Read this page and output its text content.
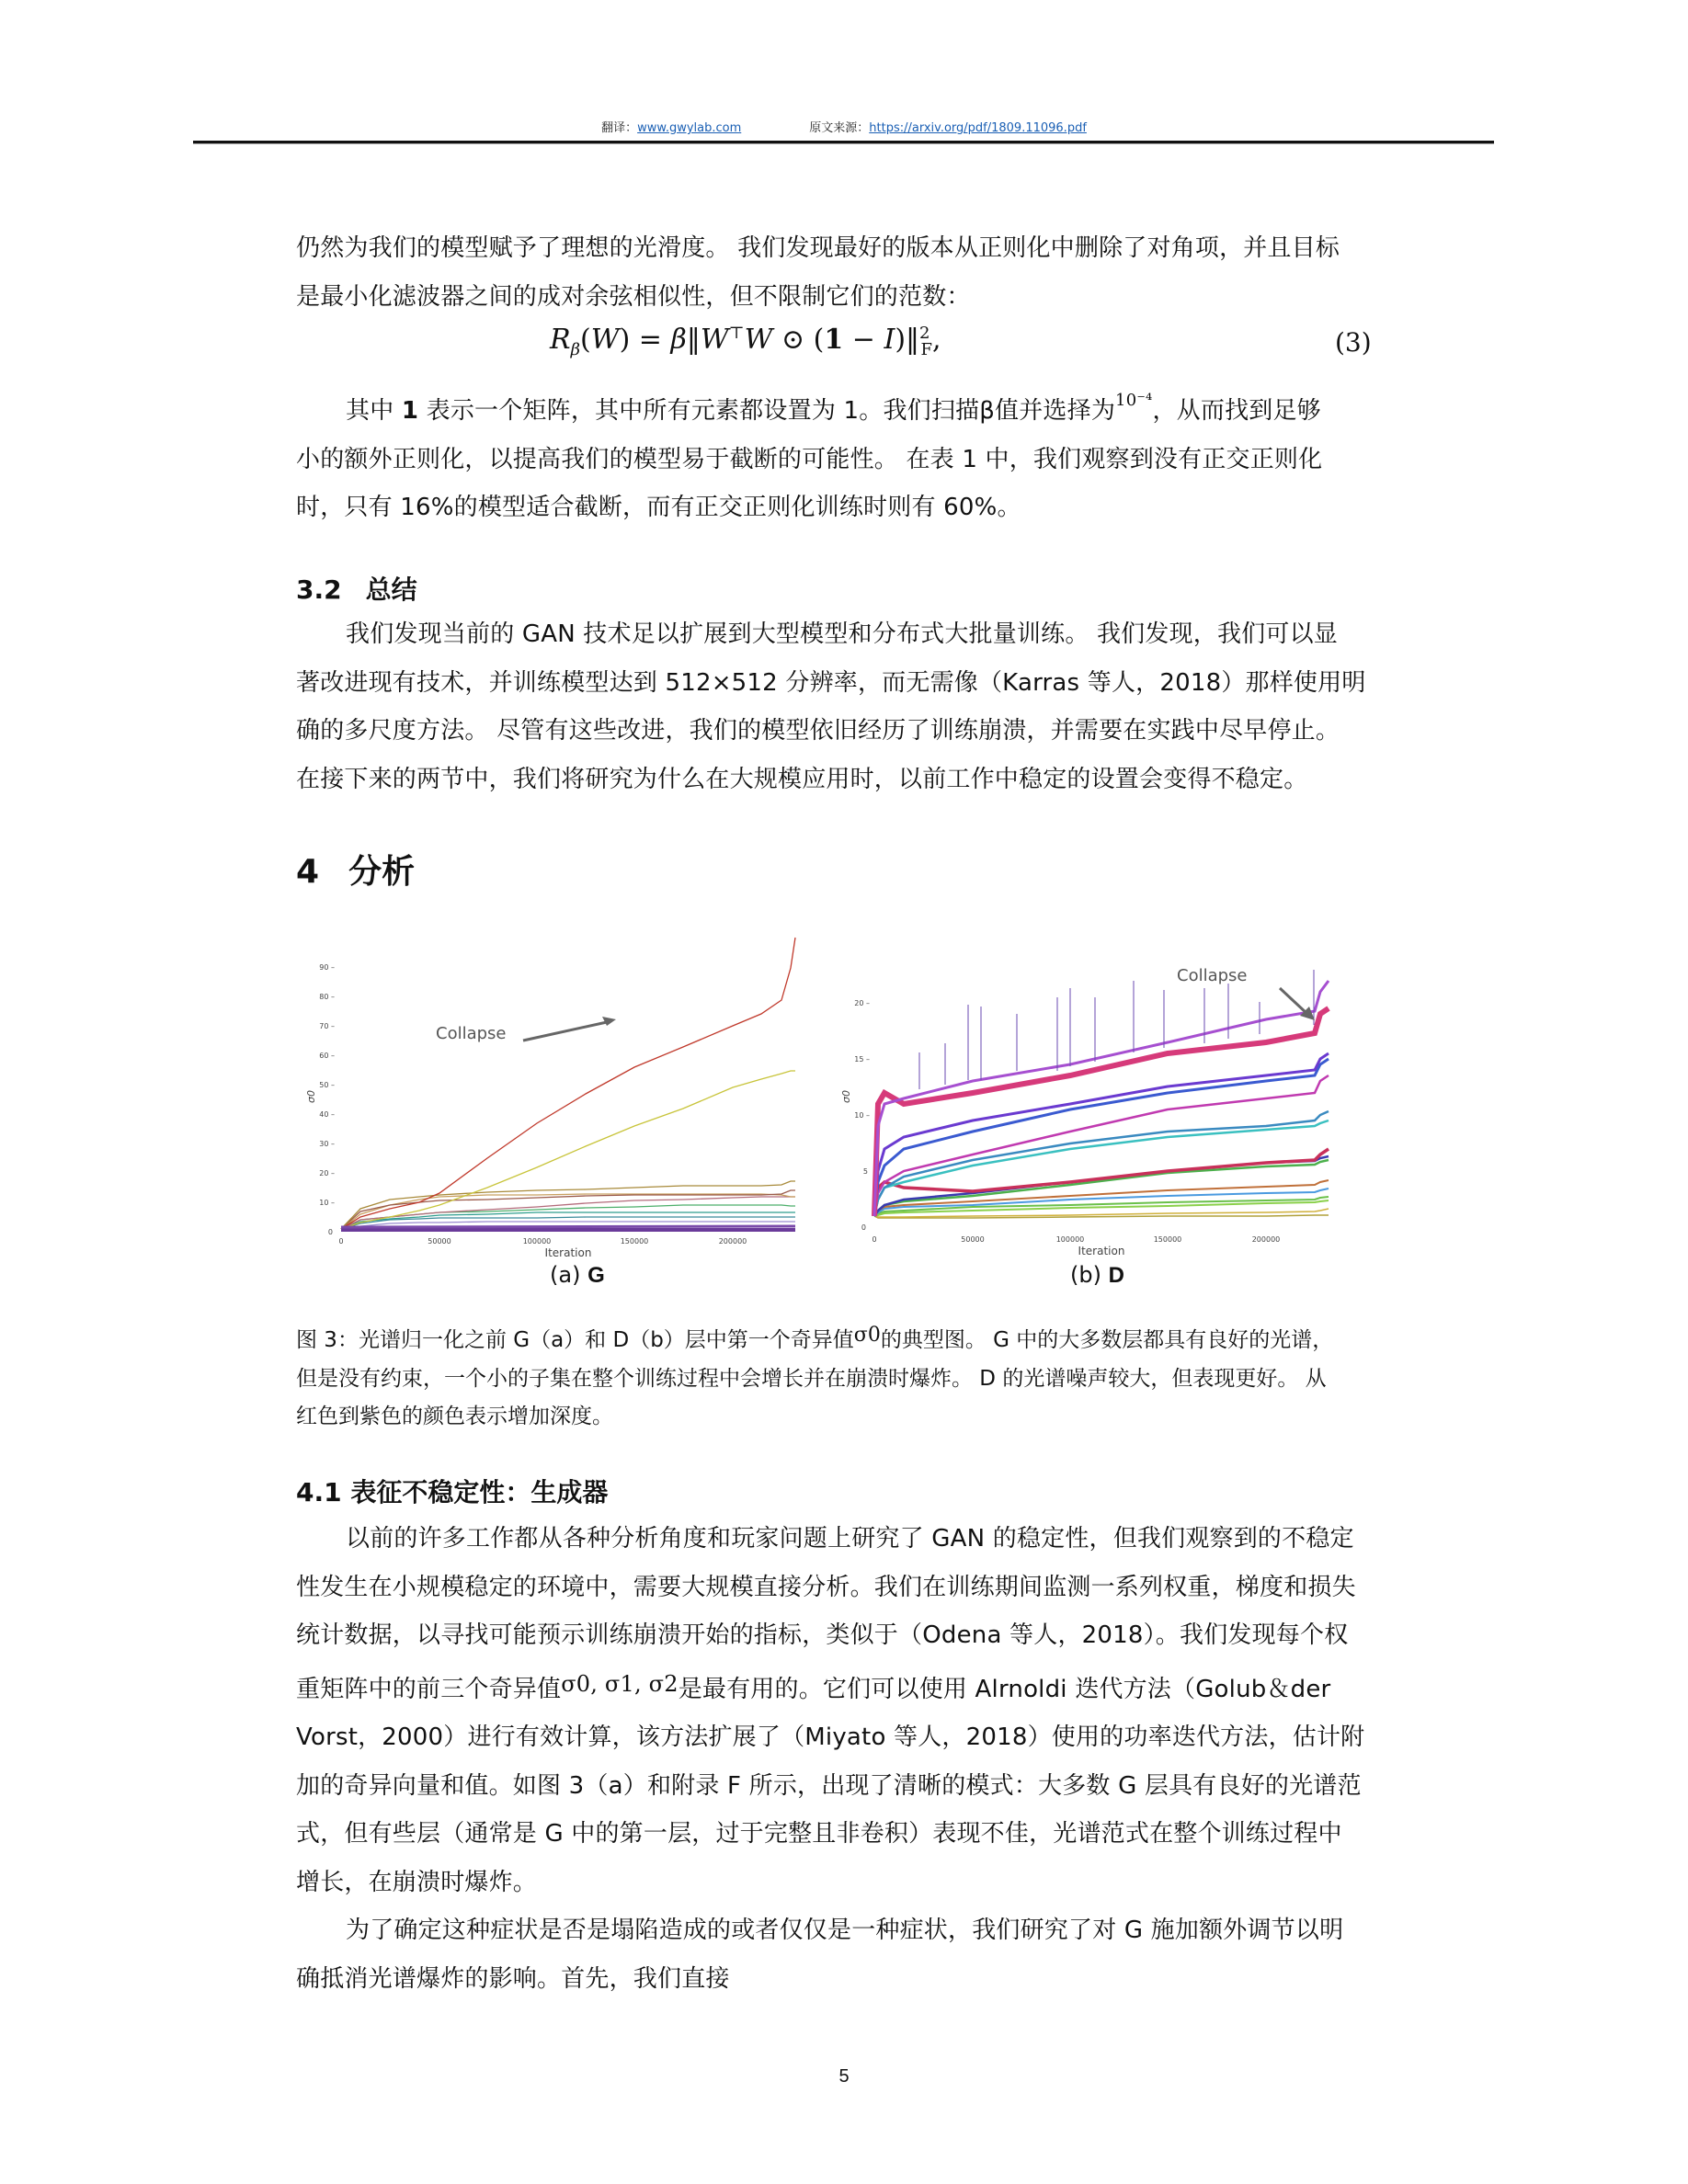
翻译：www.gwylab.com	原文来源：https://arxiv.org/pdf/1809.11096.pdf

仍然为我们的模型赋予了理想的光滑度。 我们发现最好的版本从正则化中删除了对角项，并且目标

是最小化滤波器之间的成对余弦相似性，但不限制它们的范数：

$R_\beta(W)$ = β‖W⊤W ⊙ (1 − I)‖$^2_F$,	(3)

其中 1 表示一个矩阵，其中所有元素都设置为 1。我们扫描β值并选择为$^{10^{-4}}$，从而找到足够

小的额外正则化，以提高我们的模型易于截断的可能性。 在表 1 中，我们观察到没有正交正则化

时，只有 16%的模型适合截断，而有正交正则化训练时则有 60%。

3.2 总结

我们发现当前的 GAN 技术足以扩展到大型模型和分布式大批量训练。 我们发现，我们可以显

著改进现有技术，并训练模型达到 512×512 分辨率，而无需像（Karras 等人，2018）那样使用明

确的多尺度方法。 尽管有这些改进，我们的模型依旧经历了训练崩溃，并需要在实践中尽早停止。

在接下来的两节中，我们将研究为什么在大规模应用时，以前工作中稳定的设置会变得不稳定。

4 分析
0
10 –
20 –
30 –
40 –
50 –
60 –
70 –
80 –
90 –
σ0
0	50000	100000	150000	200000
Iteration
Collapse
(a) G
0
5
10 –
15 –
20 –
σ0
0	50000	100000	150000	200000
Iteration
Collapse
(b) D

图 3：光谱归一化之前 G（a）和 D（b）层中第一个奇异值σ0的典型图。 G 中的大多数层都具有良好的光谱，

但是没有约束，一个小的子集在整个训练过程中会增长并在崩溃时爆炸。 D 的光谱噪声较大，但表现更好。 从

红色到紫色的颜色表示增加深度。

4.1 表征不稳定性：生成器

以前的许多工作都从各种分析角度和玩家问题上研究了 GAN 的稳定性，但我们观察到的不稳定

性发生在小规模稳定的环境中，需要大规模直接分析。我们在训练期间监测一系列权重，梯度和损失

统计数据，以寻找可能预示训练崩溃开始的指标，类似于（Odena 等人，2018）。我们发现每个权

重矩阵中的前三个奇异值σ0, σ1, σ2是最有用的。它们可以使用 Alrnoldi 迭代方法（Golub＆der

Vorst，2000）进行有效计算，该方法扩展了（Miyato 等人，2018）使用的功率迭代方法，估计附

加的奇异向量和值。如图 3（a）和附录 F 所示，出现了清晰的模式：大多数 G 层具有良好的光谱范

式，但有些层（通常是 G 中的第一层，过于完整且非卷积）表现不佳，光谱范式在整个训练过程中

增长，在崩溃时爆炸。

为了确定这种症状是否是塌陷造成的或者仅仅是一种症状，我们研究了对 G 施加额外调节以明

确抵消光谱爆炸的影响。首先，我们直接

5
